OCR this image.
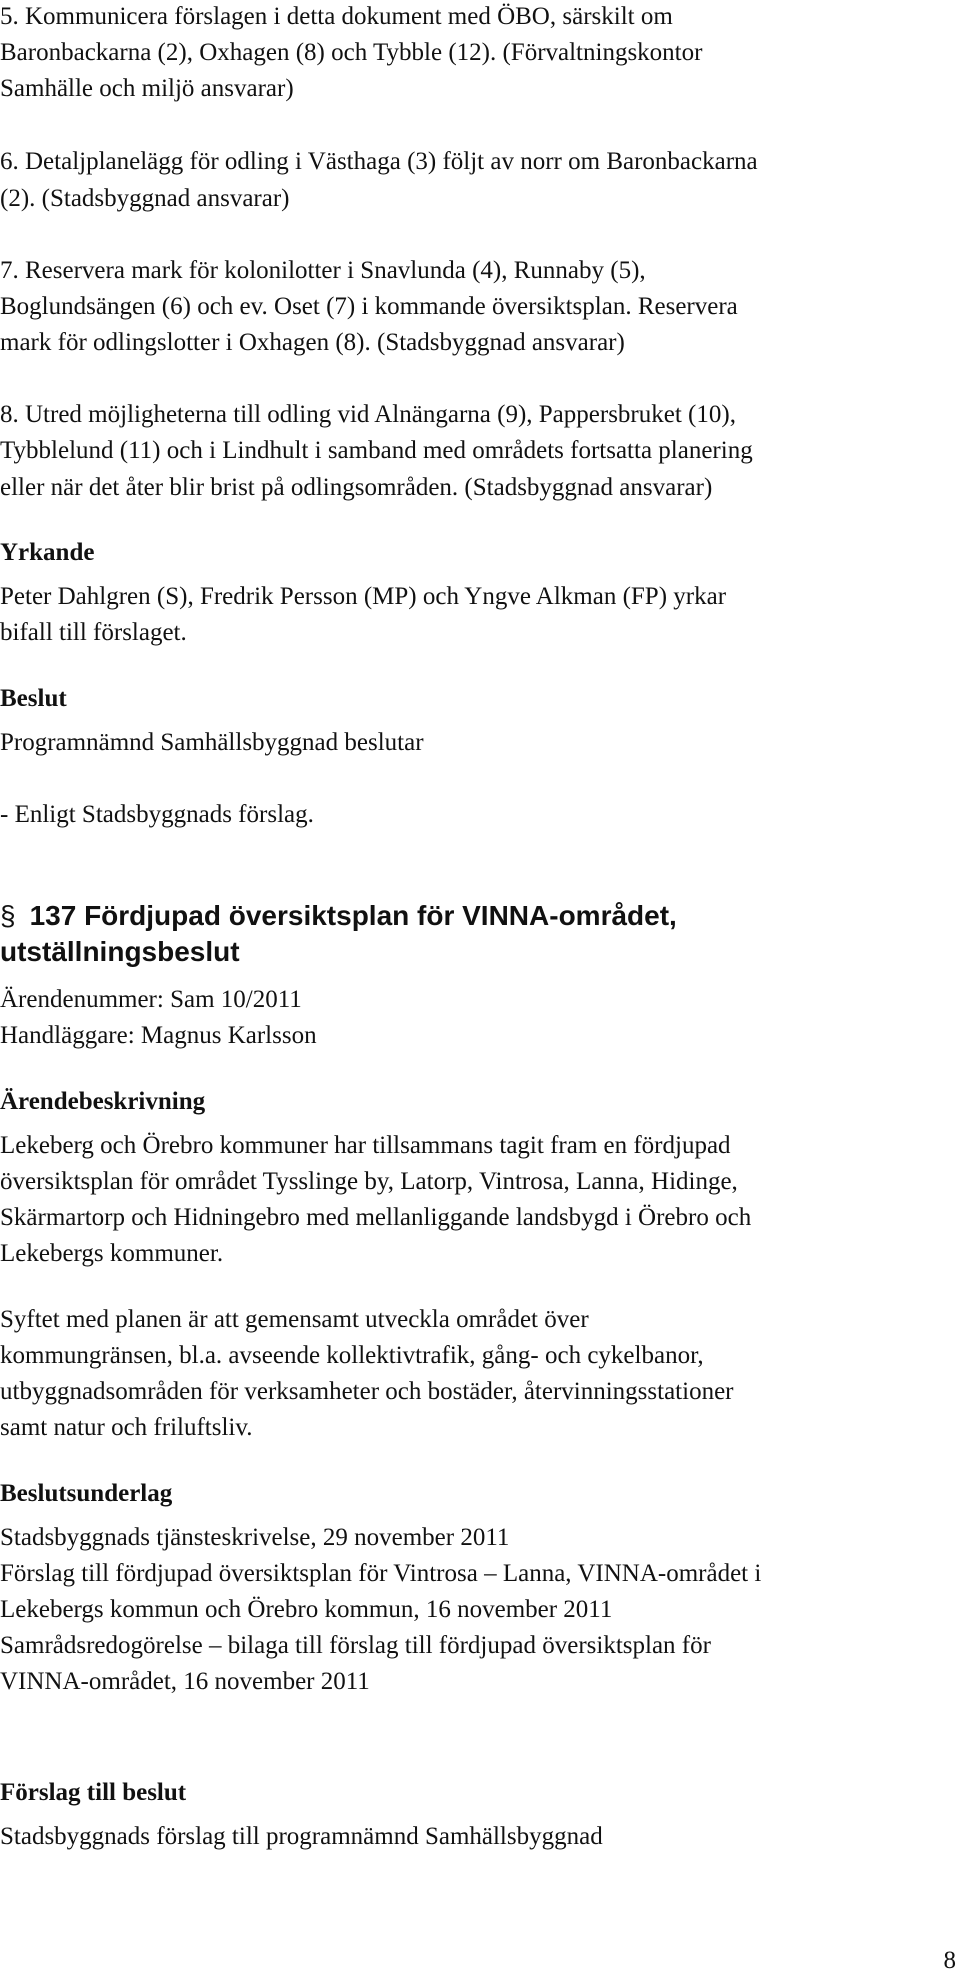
5. Kommunicera förslagen i detta dokument med ÖBO, särskilt om

Baronbackarna (2), Oxhagen (8) och Tybble (12). (Förvaltningskontor

Samhälle och miljö ansvarar)

6. Detaljplanelägg för odling i Västhaga (3) följt av norr om Baronbackarna

(2). (Stadsbyggnad ansvarar)

7. Reservera mark för kolonilotter i Snavlunda (4), Runnaby (5),

Boglundsängen (6) och ev. Oset (7) i kommande översiktsplan. Reservera

mark för odlingslotter i Oxhagen (8). (Stadsbyggnad ansvarar)

8. Utred möjligheterna till odling vid Alnängarna (9), Pappersbruket (10),

Tybblelund (11) och i Lindhult i samband med områdets fortsatta planering

eller när det åter blir brist på odlingsområden. (Stadsbyggnad ansvarar)

Yrkande

Peter Dahlgren (S), Fredrik Persson (MP) och Yngve Alkman (FP) yrkar

bifall till förslaget.

Beslut

Programnämnd Samhällsbyggnad beslutar

- Enligt Stadsbyggnads förslag.

§ 137 Fördjupad översiktsplan för VINNA-området,
utställningsbeslut

Ärendenummer: Sam 10/2011

Handläggare: Magnus Karlsson

Ärendebeskrivning

Lekeberg och Örebro kommuner har tillsammans tagit fram en fördjupad

översiktsplan för området Tysslinge by, Latorp, Vintrosa, Lanna, Hidinge,

Skärmartorp och Hidningebro med mellanliggande landsbygd i Örebro och

Lekebergs kommuner.

Syftet med planen är att gemensamt utveckla området över

kommungränsen, bl.a. avseende kollektivtrafik, gång- och cykelbanor,

utbyggnadsområden för verksamheter och bostäder, återvinningsstationer

samt natur och friluftsliv.

Beslutsunderlag

Stadsbyggnads tjänsteskrivelse, 29 november 2011

Förslag till fördjupad översiktsplan för Vintrosa – Lanna, VINNA-området i

Lekebergs kommun och Örebro kommun, 16 november 2011

Samrådsredogörelse – bilaga till förslag till fördjupad översiktsplan för

VINNA-området, 16 november 2011

Förslag till beslut

Stadsbyggnads förslag till programnämnd Samhällsbyggnad

8
